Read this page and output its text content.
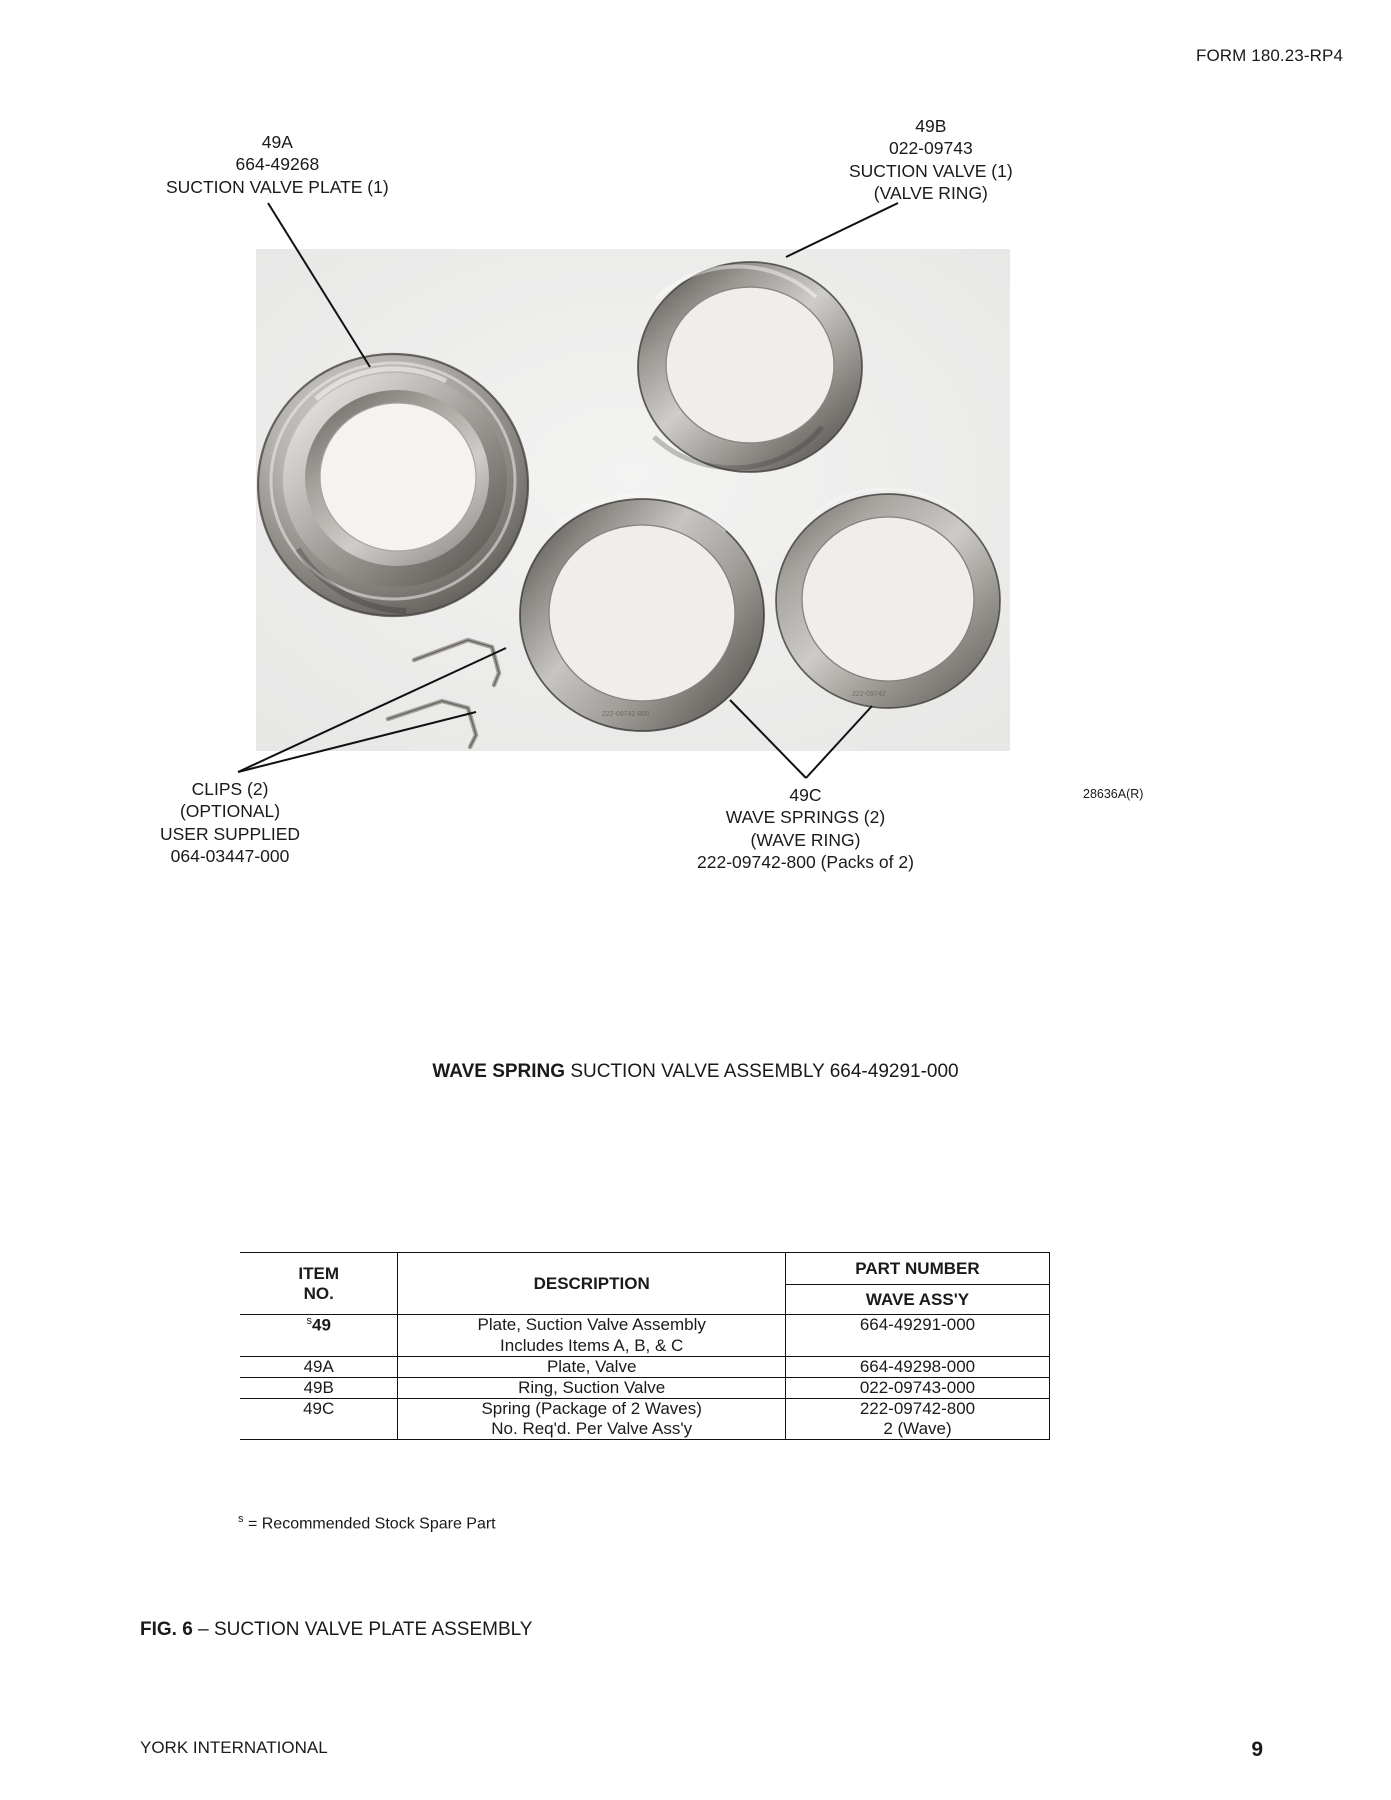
FORM 180.23-RP4
222-09742-800
222-09742
49A
664-49268
SUCTION VALVE PLATE (1)
49B
022-09743
SUCTION VALVE (1)
(VALVE RING)
CLIPS (2)
(OPTIONAL)
USER SUPPLIED
064-03447-000
49C
WAVE SPRINGS (2)
(WAVE RING)
222-09742-800 (Packs of 2)
28636A(R)
WAVE SPRING SUCTION VALVE ASSEMBLY 664-49291-000
ITEM
NO.	DESCRIPTION	PART NUMBER
		WAVE ASS'Y
$^s$49	Plate, Suction Valve Assembly	664-49291-000
	Includes Items A, B, & C	
49A	Plate, Valve	664-49298-000
49B	Ring, Suction Valve	022-09743-000
49C	Spring (Package of 2 Waves)	222-09742-800
	No. Req'd. Per Valve Ass'y	2 (Wave)
$^s$ = Recommended Stock Spare Part
FIG. 6 – SUCTION VALVE PLATE ASSEMBLY
YORK INTERNATIONAL	9
